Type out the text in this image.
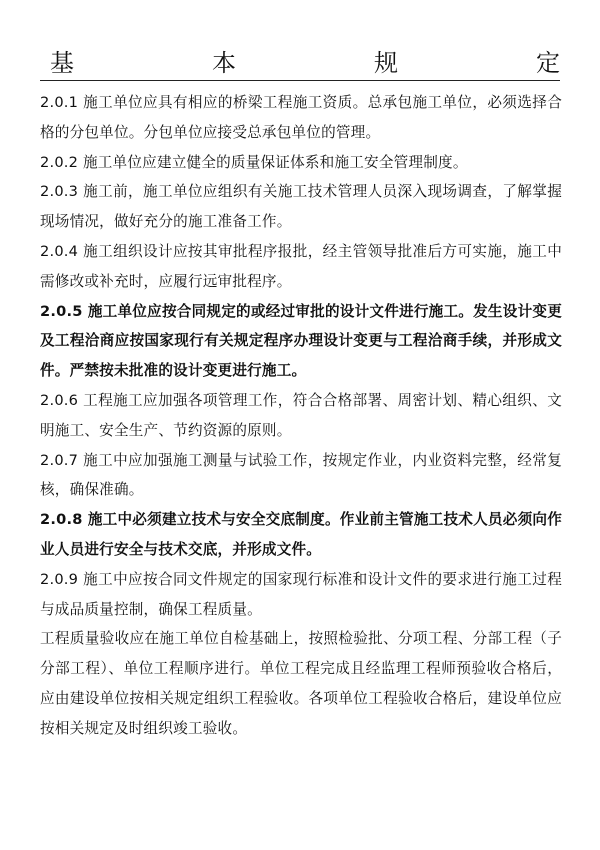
基	本	规	定

2.0.1 施工单位应具有相应的桥梁工程施工资质。总承包施工单位，必须选择合格的分包单位。分包单位应接受总承包单位的管理。

2.0.2 施工单位应建立健全的质量保证体系和施工安全管理制度。

2.0.3 施工前，施工单位应组织有关施工技术管理人员深入现场调查，了解掌握现场情况，做好充分的施工准备工作。

2.0.4 施工组织设计应按其审批程序报批，经主管领导批准后方可实施，施工中需修改或补充时，应履行远审批程序。

2.0.5 施工单位应按合同规定的或经过审批的设计文件进行施工。发生设计变更及工程洽商应按国家现行有关规定程序办理设计变更与工程洽商手续，并形成文件。严禁按未批准的设计变更进行施工。

2.0.6 工程施工应加强各项管理工作，符合合格部署、周密计划、精心组织、文明施工、安全生产、节约资源的原则。

2.0.7 施工中应加强施工测量与试验工作，按规定作业，内业资料完整，经常复核，确保准确。

2.0.8 施工中必须建立技术与安全交底制度。作业前主管施工技术人员必须向作业人员进行安全与技术交底，并形成文件。

2.0.9 施工中应按合同文件规定的国家现行标准和设计文件的要求进行施工过程与成品质量控制，确保工程质量。

工程质量验收应在施工单位自检基础上，按照检验批、分项工程、分部工程（子分部工程）、单位工程顺序进行。单位工程完成且经监理工程师预验收合格后，应由建设单位按相关规定组织工程验收。各项单位工程验收合格后，建设单位应按相关规定及时组织竣工验收。
